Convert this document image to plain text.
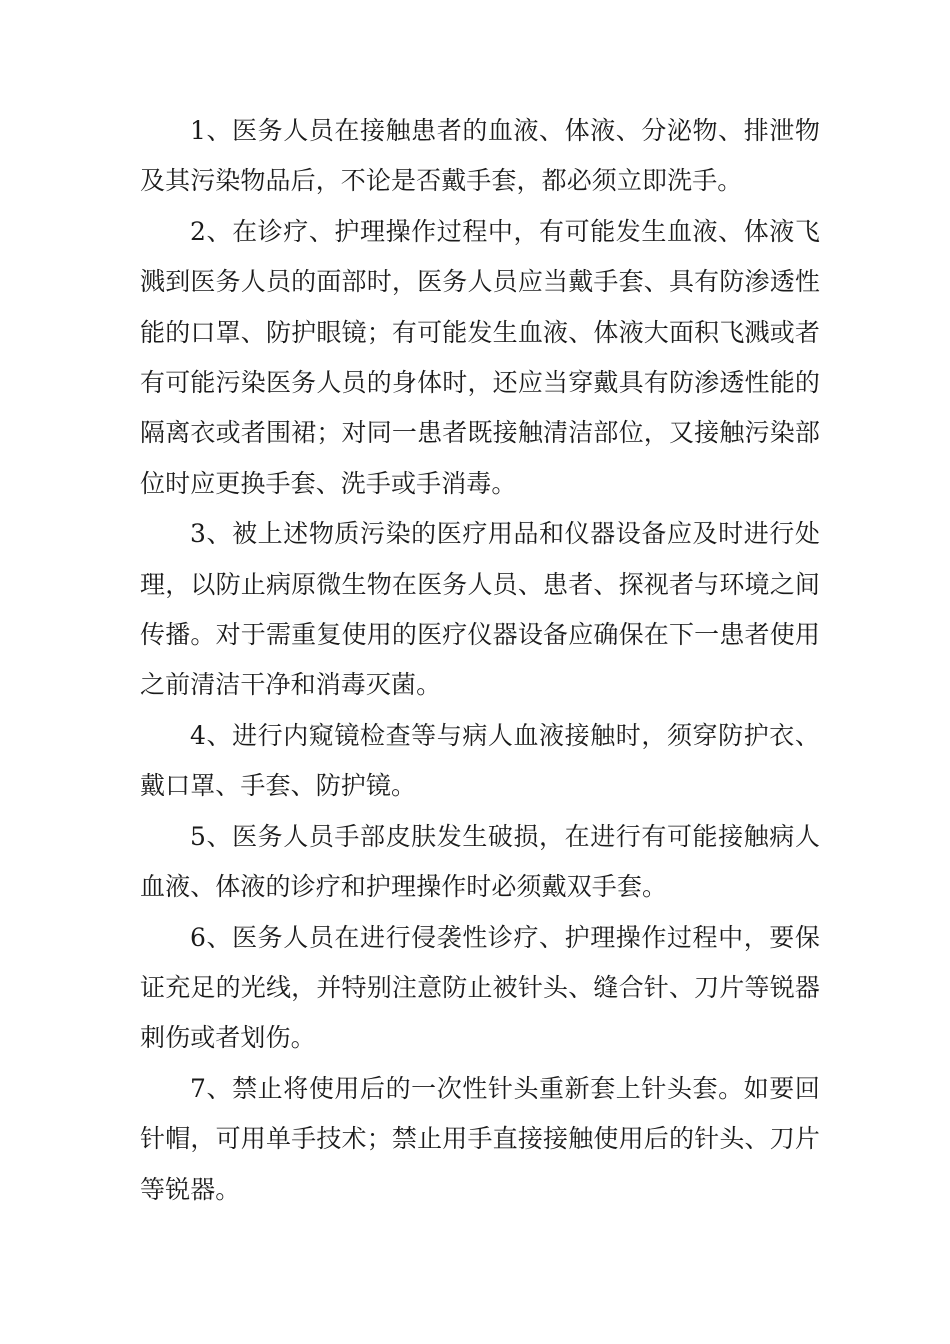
1、医务人员在接触患者的血液、体液、分泌物、排泄物及其污染物品后，不论是否戴手套，都必须立即洗手。

2、在诊疗、护理操作过程中，有可能发生血液、体液飞溅到医务人员的面部时，医务人员应当戴手套、具有防渗透性能的口罩、防护眼镜；有可能发生血液、体液大面积飞溅或者有可能污染医务人员的身体时，还应当穿戴具有防渗透性能的隔离衣或者围裙；对同一患者既接触清洁部位，又接触污染部位时应更换手套、洗手或手消毒。

3、被上述物质污染的医疗用品和仪器设备应及时进行处理，以防止病原微生物在医务人员、患者、探视者与环境之间传播。对于需重复使用的医疗仪器设备应确保在下一患者使用之前清洁干净和消毒灭菌。

4、进行内窥镜检查等与病人血液接触时，须穿防护衣、戴口罩、手套、防护镜。

5、医务人员手部皮肤发生破损，在进行有可能接触病人血液、体液的诊疗和护理操作时必须戴双手套。

6、医务人员在进行侵袭性诊疗、护理操作过程中，要保证充足的光线，并特别注意防止被针头、缝合针、刀片等锐器刺伤或者划伤。

7、禁止将使用后的一次性针头重新套上针头套。如要回针帽，可用单手技术；禁止用手直接接触使用后的针头、刀片等锐器。
